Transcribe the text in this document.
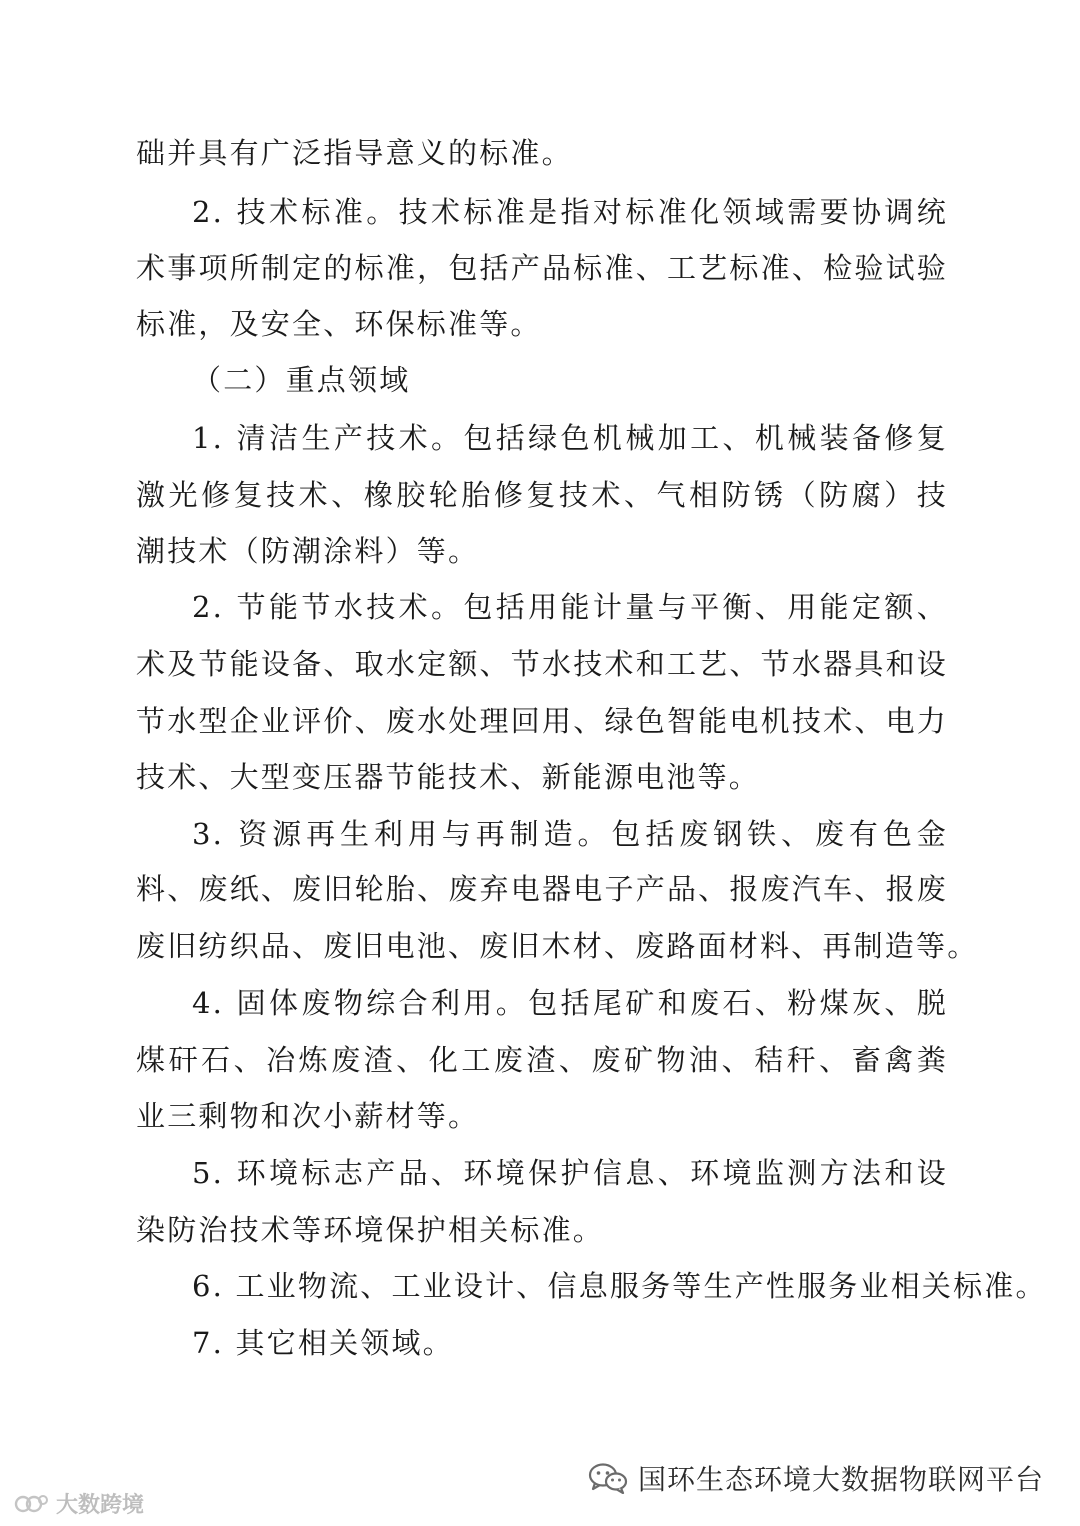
础并具有广泛指导意义的标准。
2. 技术标准。技术标准是指对标准化领域需要协调统
术事项所制定的标准，包括产品标准、工艺标准、检验试验
标准，及安全、环保标准等。
（二）重点领域
1. 清洁生产技术。包括绿色机械加工、机械装备修复
激光修复技术、橡胶轮胎修复技术、气相防锈（防腐）技
潮技术（防潮涂料）等。
2. 节能节水技术。包括用能计量与平衡、用能定额、
术及节能设备、取水定额、节水技术和工艺、节水器具和设
节水型企业评价、废水处理回用、绿色智能电机技术、电力
技术、大型变压器节能技术、新能源电池等。
3. 资源再生利用与再制造。包括废钢铁、废有色金
料、废纸、废旧轮胎、废弃电器电子产品、报废汽车、报废
废旧纺织品、废旧电池、废旧木材、废路面材料、再制造等。
4. 固体废物综合利用。包括尾矿和废石、粉煤灰、脱
煤矸石、冶炼废渣、化工废渣、废矿物油、秸秆、畜禽粪
业三剩物和次小薪材等。
5. 环境标志产品、环境保护信息、环境监测方法和设
染防治技术等环境保护相关标准。
6. 工业物流、工业设计、信息服务等生产性服务业相关标准。
7. 其它相关领域。
国环生态环境大数据物联网平台
大数跨境
